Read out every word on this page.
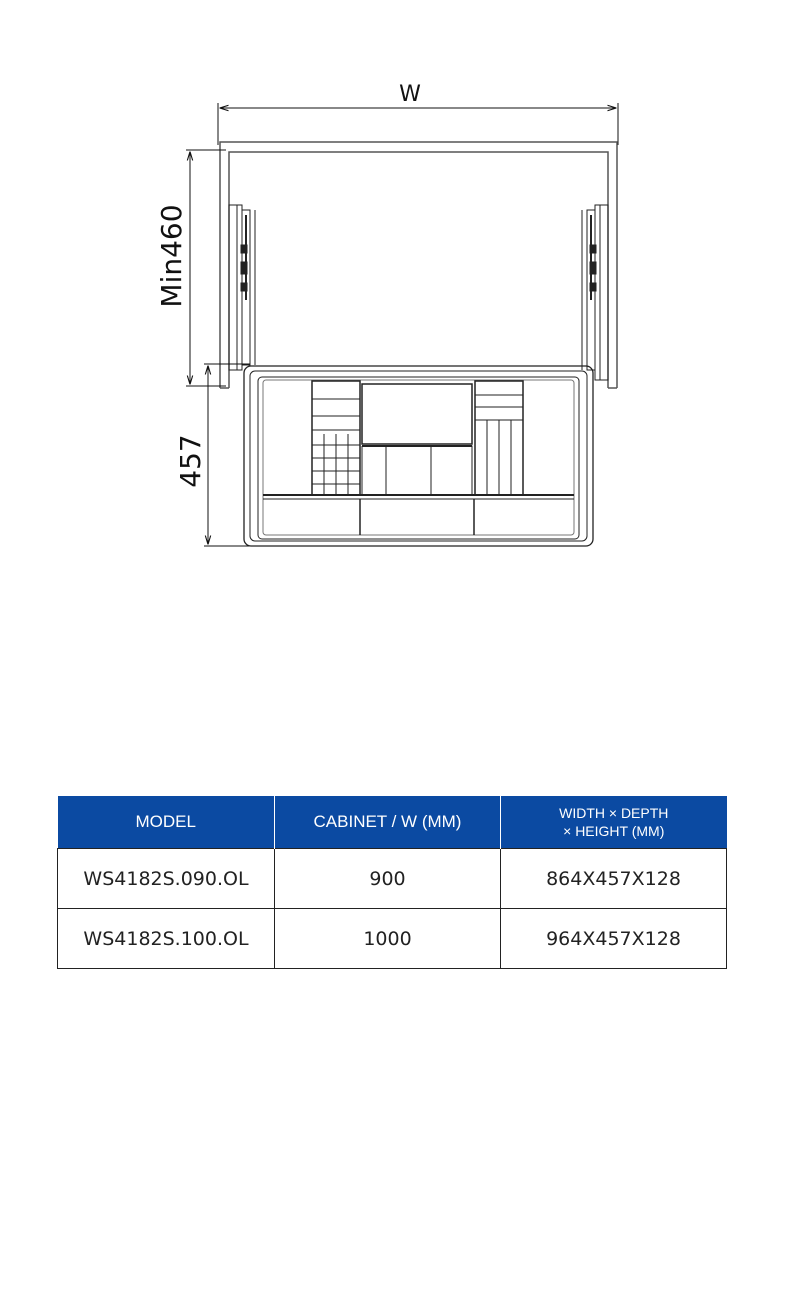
W
Min460
457
MODEL	CABINET / W (MM)	WIDTH × DEPTH
× HEIGHT (MM)
WS4182S.090.OL	900	864X457X128
WS4182S.100.OL	1000	964X457X128
